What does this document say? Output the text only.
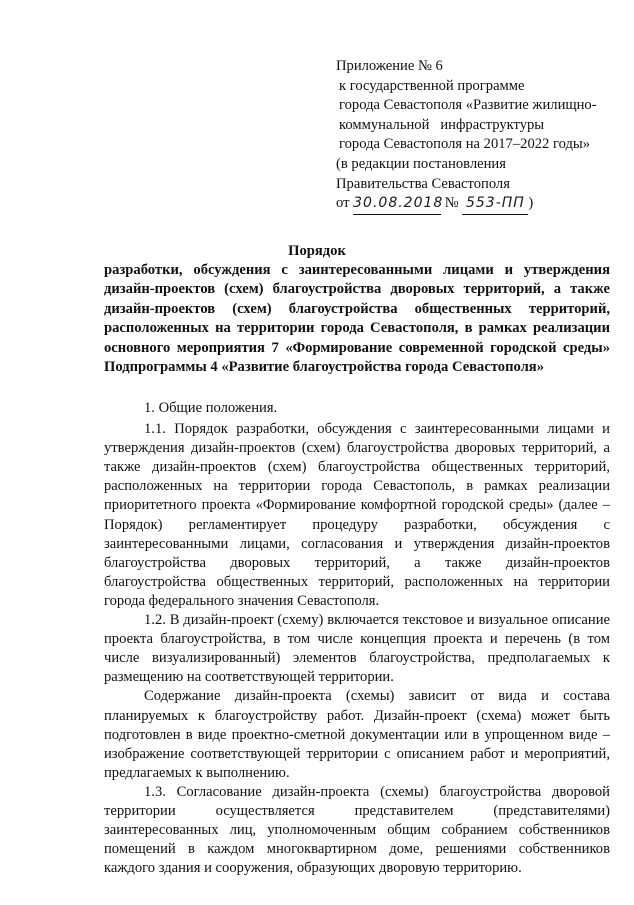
Приложение № 6
к государственной программе
города Севастополя «Развитие жилищно-
коммунальной   инфраструктуры
города Севастополя на 2017–2022 годы»
(в редакции постановления
Правительства Севастополя
от 30.08.2018 № 553-ПП )
Порядок
разработки, обсуждения с заинтересованными лицами и утверждения дизайн-проектов (схем) благоустройства дворовых территорий, а также дизайн-проектов (схем) благоустройства общественных территорий, расположенных на территории города Севастополя, в рамках реализации основного мероприятия 7 «Формирование современной городской среды» Подпрограммы 4 «Развитие благоустройства города Севастополя»

1. Общие положения.

1.1. Порядок разработки, обсуждения с заинтересованными лицами и утверждения дизайн-проектов (схем) благоустройства дворовых территорий, а также дизайн-проектов (схем) благоустройства общественных территорий, расположенных на территории города Севастополь, в рамках реализации приоритетного проекта «Формирование комфортной городской среды» (далее – Порядок) регламентирует процедуру разработки, обсуждения с заинтересованными лицами, согласования и утверждения дизайн-проектов благоустройства дворовых территорий, а также дизайн-проектов благоустройства общественных территорий, расположенных на территории города федерального значения Севастополя.

1.2. В дизайн-проект (схему) включается текстовое и визуальное описание проекта благоустройства, в том числе концепция проекта и перечень (в том числе визуализированный) элементов благоустройства, предполагаемых к размещению на соответствующей территории.

Содержание дизайн-проекта (схемы) зависит от вида и состава планируемых к благоустройству работ. Дизайн-проект (схема) может быть подготовлен в виде проектно-сметной документации или в упрощенном виде – изображение соответствующей территории с описанием работ и мероприятий, предлагаемых к выполнению.

1.3. Согласование дизайн-проекта (схемы) благоустройства дворовой территории осуществляется представителем (представителями) заинтересованных лиц, уполномоченным общим собранием собственников помещений в каждом многоквартирном доме, решениями собственников каждого здания и сооружения, образующих дворовую территорию.
